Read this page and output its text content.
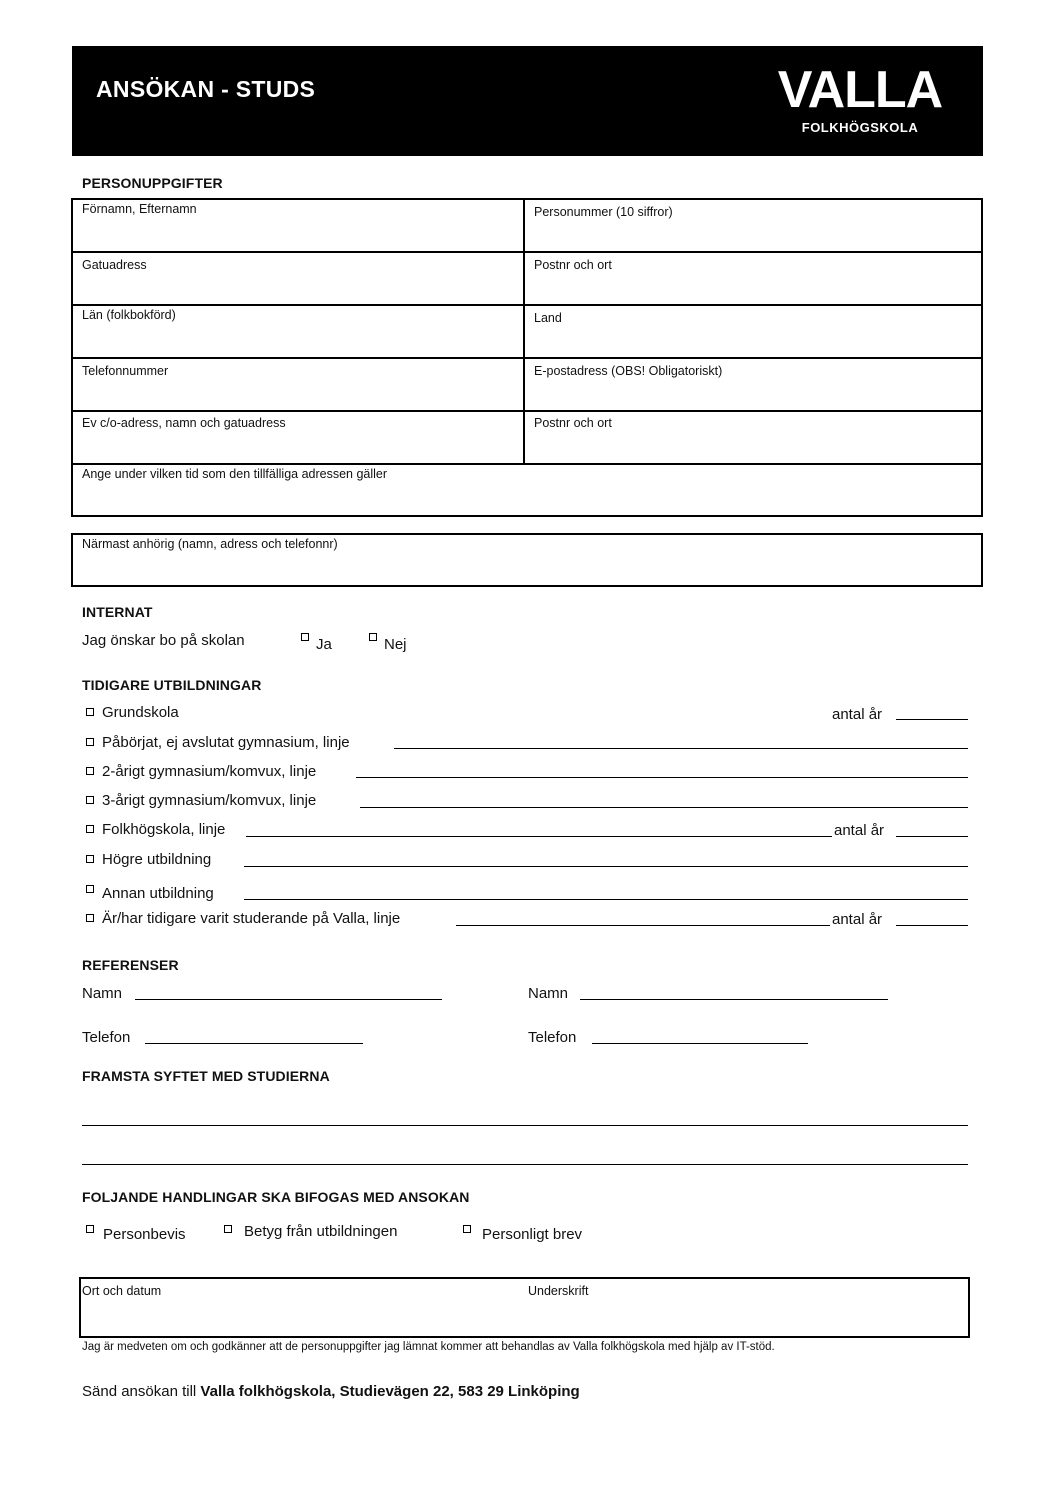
ANSÖKAN - STUDS	VALLA
FOLKHÖGSKOLA
PERSONUPPGIFTER
Förnamn, Efternamn	Personummer (10 siffror)
Gatuadress	Postnr och ort
Län (folkbokförd)	Land
Telefonnummer	E-postadress (OBS! Obligatoriskt)
Ev c/o-adress, namn och gatuadress	Postnr och ort
Ange under vilken tid som den tillfälliga adressen gäller
Närmast anhörig (namn, adress och telefonnr)
INTERNAT
Jag önskar bo på skolan	Ja	Nej
TIDIGARE UTBILDNINGAR
Grundskola	antal år
Påbörjat, ej avslutat gymnasium, linje
2-årigt gymnasium/komvux, linje
3-årigt gymnasium/komvux, linje
Folkhögskola, linje	antal år
Högre utbildning
Annan utbildning
Är/har tidigare varit studerande på Valla, linje	antal år
REFERENSER
Namn	Namn
Telefon	Telefon
FRAMSTA SYFTET MED STUDIERNA
FOLJANDE HANDLINGAR SKA BIFOGAS MED ANSOKAN
Personbevis	Betyg från utbildningen	Personligt brev
Ort och datum	Underskrift
Jag är medveten om och godkänner att de personuppgifter jag lämnat kommer att behandlas av Valla folkhögskola med hjälp av IT-stöd.
Sänd ansökan till Valla folkhögskola, Studievägen 22, 583 29 Linköping
